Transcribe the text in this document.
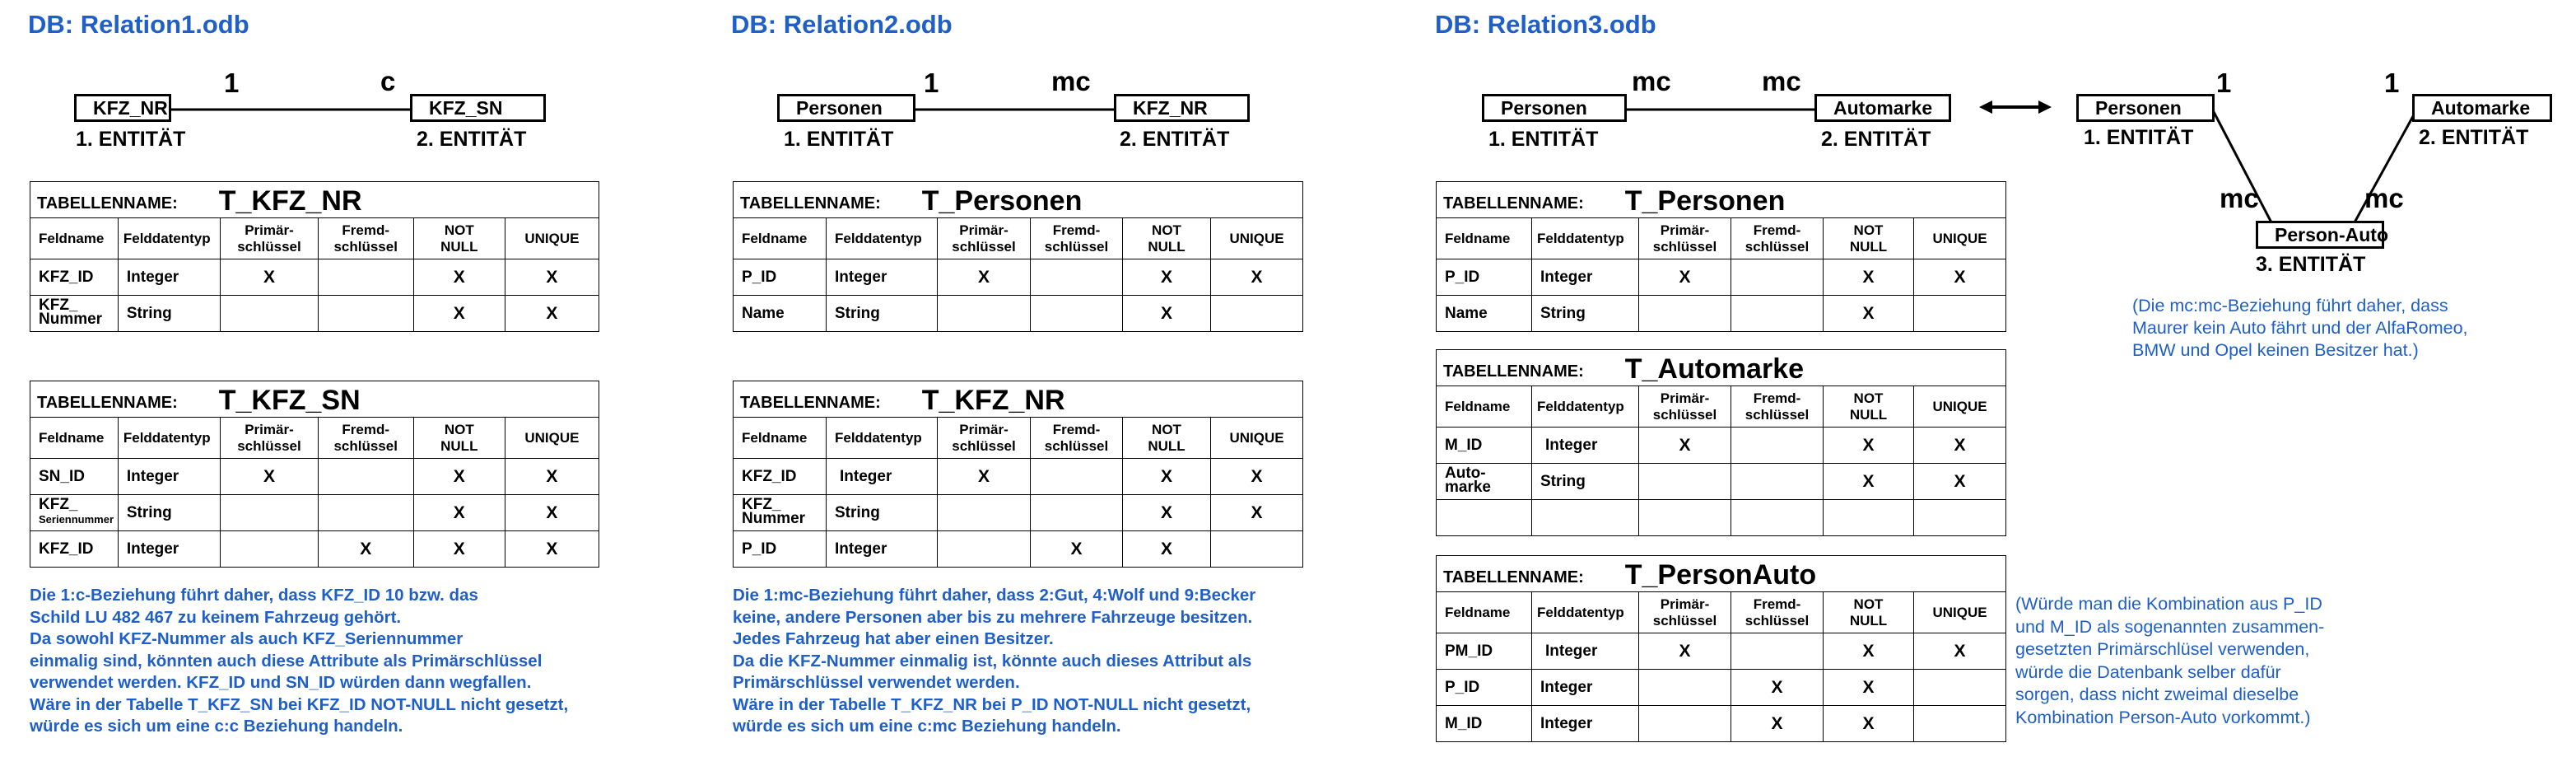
DB: Relation1.odb
KFZ_NR	KFZ_SN
1. ENTITÄT	2. ENTITÄT
1	c
TABELLENNAME: T_KFZ_NR					
Feldname	Felddatentyp	Primär-
schlüssel	Fremd-
schlüssel	NOT
NULL	UNIQUE
KFZ_ID	Integer	X		X	X
KFZ_
Nummer	String			X	X
TABELLENNAME: T_KFZ_SN					
Feldname	Felddatentyp	Primär-
schlüssel	Fremd-
schlüssel	NOT
NULL	UNIQUE
SN_ID	Integer	X		X	X
KFZ_
Seriennummer	String			X	X
KFZ_ID	Integer		X	X	X
Die 1:c-Beziehung führt daher, dass KFZ_ID 10 bzw. das
Schild LU 482 467 zu keinem Fahrzeug gehört.
Da sowohl KFZ-Nummer als auch KFZ_Seriennummer
einmalig sind, könnten auch diese Attribute als Primärschlüssel
verwendet werden. KFZ_ID und SN_ID würden dann wegfallen.
Wäre in der Tabelle T_KFZ_SN bei KFZ_ID NOT-NULL nicht gesetzt,
würde es sich um eine c:c Beziehung handeln.
DB: Relation2.odb
Personen	KFZ_NR
1. ENTITÄT	2. ENTITÄT
1	mc
TABELLENNAME: T_Personen					
Feldname	Felddatentyp	Primär-
schlüssel	Fremd-
schlüssel	NOT
NULL	UNIQUE
P_ID	Integer	X		X	X
Name	String			X	
TABELLENNAME: T_KFZ_NR					
Feldname	Felddatentyp	Primär-
schlüssel	Fremd-
schlüssel	NOT
NULL	UNIQUE
KFZ_ID	Integer	X		X	X
KFZ_
Nummer	String			X	X
P_ID	Integer		X	X	
Die 1:mc-Beziehung führt daher, dass 2:Gut, 4:Wolf und 9:Becker
keine, andere Personen aber bis zu mehrere Fahrzeuge besitzen.
Jedes Fahrzeug hat aber einen Besitzer.
Da die KFZ-Nummer einmalig ist, könnte auch dieses Attribut als
Primärschlüssel verwendet werden.
Wäre in der Tabelle T_KFZ_NR bei P_ID NOT-NULL nicht gesetzt,
würde es sich um eine c:mc Beziehung handeln.
DB: Relation3.odb
Personen	Automarke
1. ENTITÄT	2. ENTITÄT
mc	mc
Personen	Automarke
Person-Auto
1. ENTITÄT	2. ENTITÄT
3. ENTITÄT
1	1
mc	mc
(Die mc:mc-Beziehung führt daher, dass
Maurer kein Auto fährt und der AlfaRomeo,
BMW und Opel keinen Besitzer hat.)
TABELLENNAME: T_Personen					
Feldname	Felddatentyp	Primär-
schlüssel	Fremd-
schlüssel	NOT
NULL	UNIQUE
P_ID	Integer	X		X	X
Name	String			X	
TABELLENNAME: T_Automarke					
Feldname	Felddatentyp	Primär-
schlüssel	Fremd-
schlüssel	NOT
NULL	UNIQUE
M_ID	Integer	X		X	X
Auto-
marke	String			X	X

TABELLENNAME: T_PersonAuto					
Feldname	Felddatentyp	Primär-
schlüssel	Fremd-
schlüssel	NOT
NULL	UNIQUE
PM_ID	Integer	X		X	X
P_ID	Integer		X	X	
M_ID	Integer		X	X	
(Würde man die Kombination aus P_ID
und M_ID als sogenannten zusammen-
gesetzten Primärschlüsel verwenden,
würde die Datenbank selber dafür
sorgen, dass nicht zweimal dieselbe
Kombination Person-Auto vorkommt.)
